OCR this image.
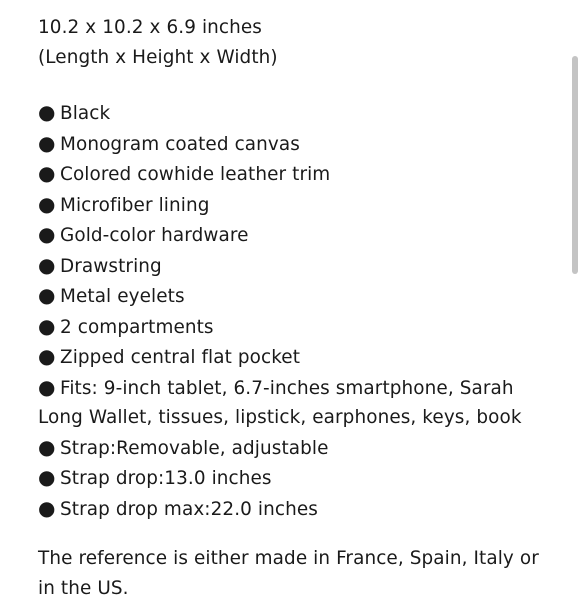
10.2 x 10.2 x 6.9 inches

(Length x Height x Width)

● Black
● Monogram coated canvas
● Colored cowhide leather trim
● Microfiber lining
● Gold-color hardware
● Drawstring
● Metal eyelets
● 2 compartments
● Zipped central flat pocket
● Fits: 9-inch tablet, 6.7-inches smartphone, Sarah Long Wallet, tissues, lipstick, earphones, keys, book
● Strap:Removable, adjustable
● Strap drop:13.0 inches
● Strap drop max:22.0 inches

The reference is either made in France, Spain, Italy or in the US.
